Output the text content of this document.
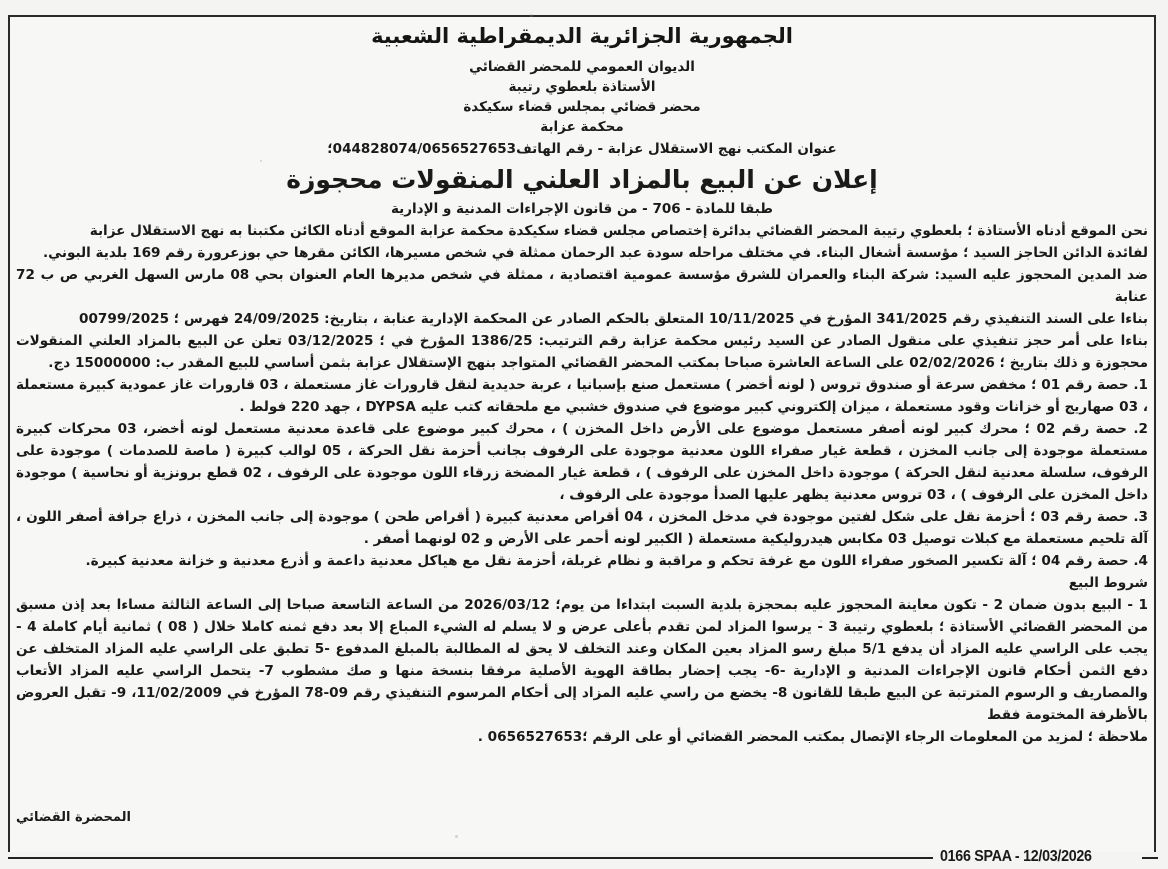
الجمهورية الجزائرية الديمقراطية الشعبية
الديوان العمومي للمحضر القضائي
الأستاذة بلعطوي رتيبة
محضر قضائي بمجلس قضاء سكيكدة
محكمة عزابة
عنوان المكتب نهج الاستقلال عزابة - رقم الهاتف044828074/0656527653؛
إعلان عن البيع بالمزاد العلني المنقولات محجوزة
طبقا للمادة - 706 - من قانون الإجراءات المدنية و الإدارية
نحن الموقع أدناه الأستاذة ؛ بلعطوي رتيبة المحضر القضائي بدائرة إختصاص مجلس قضاء سكيكدة محكمة عزابة الموقع أدناه الكائن مكتبنا به نهج الاستقلال عزابة
لفائدة الدائن الحاجز السيد ؛ مؤسسة أشغال البناء. في مختلف مراحله سودة عبد الرحمان ممثلة في شخص مسيرها، الكائن مقرها حي بوزعرورة رقم 169 بلدية البوني.
ضد المدين المحجوز عليه السيد: شركة البناء والعمران للشرق مؤسسة عمومية اقتصادية ، ممثلة في شخص مديرها العام العنوان بحي 08 مارس السهل الغربي ص ب 72 عنابة
بناءا على السند التنفيذي رقم 341/2025 المؤرخ في 10/11/2025 المتعلق بالحكم الصادر عن المحكمة الإدارية عنابة ، بتاريخ: 24/09/2025 فهرس ؛ 00799/2025
بناءا على أمر حجز تنفيذي على منقول الصادر عن السيد رئيس محكمة عزابة رقم الترتيب: 1386/25 المؤرخ في ؛ 03/12/2025 تعلن عن البيع بالمزاد العلني المنقولات محجوزة و ذلك بتاريخ ؛ 02/02/2026 على الساعة العاشرة صباحا بمكتب المحضر القضائي المتواجد بنهج الإستقلال عزابة بثمن أساسي للبيع المقدر ب: 15000000 دج.
1. حصة رقم 01 ؛ مخفض سرعة أو صندوق تروس ( لونه أخضر ) مستعمل صنع بإسبانيا ، عربة حديدية لنقل قارورات غاز مستعملة ، 03 قارورات غاز عمودية كبيرة مستعملة ، 03 صهاريج أو خزانات وقود مستعملة ، ميزان إلكتروني كبير موضوع في صندوق خشبي مع ملحقاته كتب عليه DYPSA ، جهد 220 فولط .
2. حصة رقم 02 ؛ محرك كبير لونه أصفر مستعمل موضوع على الأرض داخل المخزن ) ، محرك كبير موضوع على قاعدة معدنية مستعمل لونه أخضر، 03 محركات كبيرة مستعملة موجودة إلى جانب المخزن ، قطعة غيار صفراء اللون معدنية موجودة على الرفوف بجانب أحزمة نقل الحركة ، 05 لوالب كبيرة ( ماصة للصدمات ) موجودة على الرفوف، سلسلة معدنية لنقل الحركة ) موجودة داخل المخزن على الرفوف ) ، قطعة غيار المضخة زرقاء اللون موجودة على الرفوف ، 02 قطع برونزية أو نحاسية ) موجودة داخل المخزن على الرفوف ) ، 03 تروس معدنية يظهر عليها الصدأ موجودة على الرفوف ،
3. حصة رقم 03 ؛ أحزمة نقل على شكل لفتين موجودة في مدخل المخزن ، 04 أقراص معدنية كبيرة ( أقراص طحن ) موجودة إلى جانب المخزن ، ذراع جرافة أصفر اللون ، آلة تلحيم مستعملة مع كبلات توصيل 03 مكابس هيدروليكية مستعملة ( الكبير لونه أحمر على الأرض و 02 لونهما أصفر .
4. حصة رقم 04 ؛ آلة تكسير الصخور صفراء اللون مع غرفة تحكم و مراقبة و نظام غربلة، أحزمة نقل مع هياكل معدنية داعمة و أذرع معدنية و خزانة معدنية كبيرة.
شروط البيع
1 - البيع بدون ضمان 2 - تكون معاينة المحجوز عليه بمحجزة بلدية السبت ابتداءا من يوم؛ 2026/03/12 من الساعة التاسعة صباحا إلى الساعة الثالثة مساءا بعد إذن مسبق من المحضر القضائي الأستاذة ؛ بلعطوي رتيبة 3 - يرسوا المزاد لمن تقدم بأعلى عرض و لا يسلم له الشيء المباع إلا بعد دفع ثمنه كاملا خلال ( 08 ) ثمانية أيام كاملة 4 - يجب على الراسي عليه المزاد أن يدفع 5/1 مبلغ رسو المزاد بعين المكان وعند التخلف لا يحق له المطالبة بالمبلغ المدفوع -5 تطبق على الراسي عليه المزاد المتخلف عن دفع الثمن أحكام قانون الإجراءات المدنية و الإدارية -6- يجب إحضار بطاقة الهوية الأصلية مرفقا بنسخة منها و صك مشطوب 7- يتحمل الراسي عليه المزاد الأتعاب والمصاريف و الرسوم المترتبة عن البيع طبقا للقانون 8- يخضع من راسي عليه المزاد إلى أحكام المرسوم التنفيذي رقم 09-78 المؤرخ في 11/02/2009، 9- تقبل العروض بالأظرفة المختومة فقط
ملاحظة ؛ لمزيد من المعلومات الرجاء الإتصال بمكتب المحضر القضائي أو على الرقم ؛0656527653 .
المحضرة القضائي
0166 SPAA - 12/03/2026
